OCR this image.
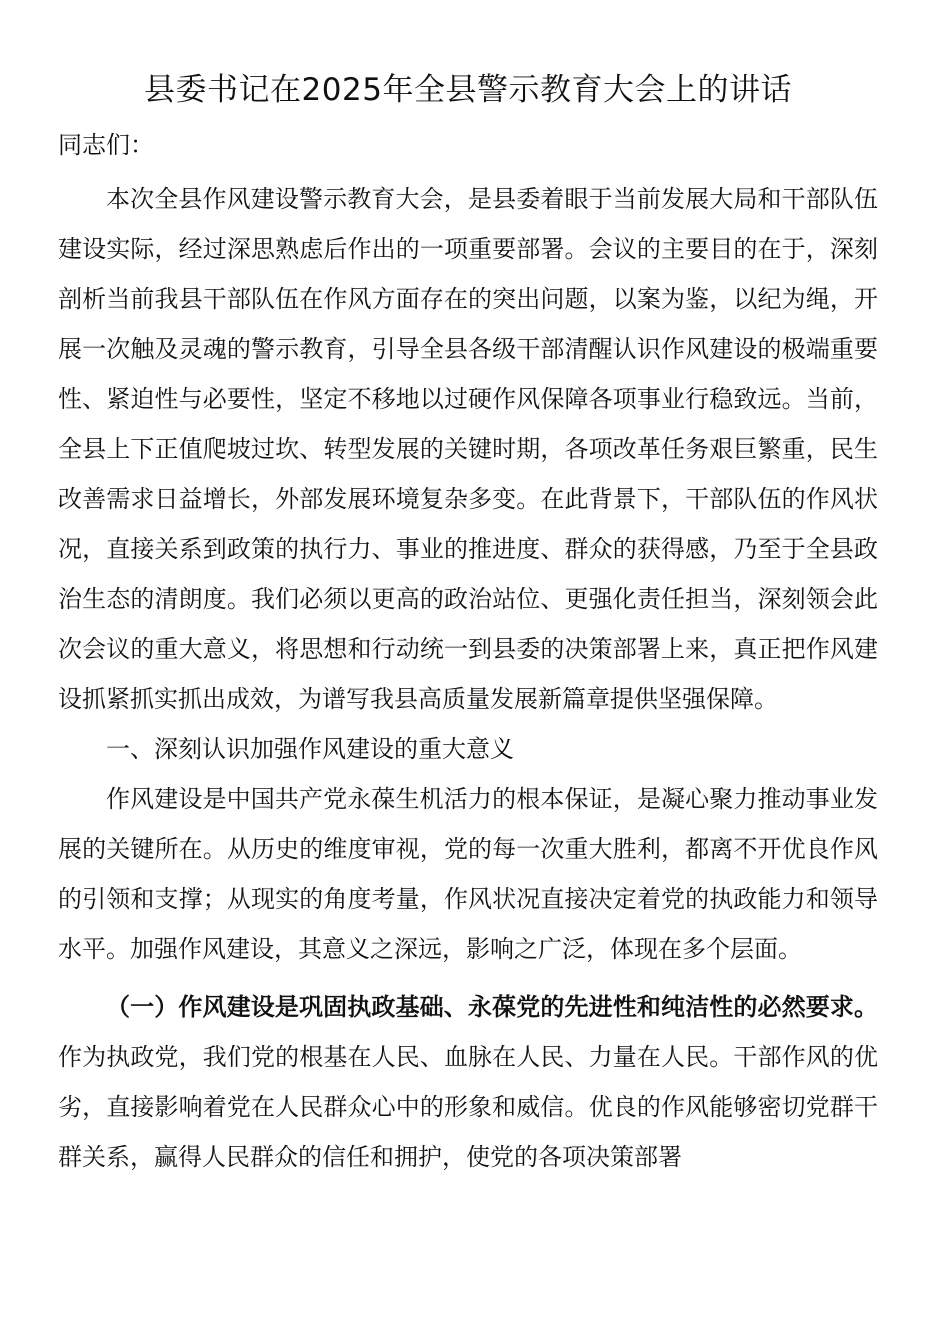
县委书记在2025年全县警示教育大会上的讲话

同志们：

本次全县作风建设警示教育大会，是县委着眼于当前发展大局和干部队伍建设实际，经过深思熟虑后作出的一项重要部署。会议的主要目的在于，深刻剖析当前我县干部队伍在作风方面存在的突出问题，以案为鉴，以纪为绳，开展一次触及灵魂的警示教育，引导全县各级干部清醒认识作风建设的极端重要性、紧迫性与必要性，坚定不移地以过硬作风保障各项事业行稳致远。当前，全县上下正值爬坡过坎、转型发展的关键时期，各项改革任务艰巨繁重，民生改善需求日益增长，外部发展环境复杂多变。在此背景下，干部队伍的作风状况，直接关系到政策的执行力、事业的推进度、群众的获得感，乃至于全县政治生态的清朗度。我们必须以更高的政治站位、更强化责任担当，深刻领会此次会议的重大意义，将思想和行动统一到县委的决策部署上来，真正把作风建设抓紧抓实抓出成效，为谱写我县高质量发展新篇章提供坚强保障。

一、深刻认识加强作风建设的重大意义

作风建设是中国共产党永葆生机活力的根本保证，是凝心聚力推动事业发展的关键所在。从历史的维度审视，党的每一次重大胜利，都离不开优良作风的引领和支撑；从现实的角度考量，作风状况直接决定着党的执政能力和领导水平。加强作风建设，其意义之深远，影响之广泛，体现在多个层面。

（一）作风建设是巩固执政基础、永葆党的先进性和纯洁性的必然要求。作为执政党，我们党的根基在人民、血脉在人民、力量在人民。干部作风的优劣，直接影响着党在人民群众心中的形象和威信。优良的作风能够密切党群干群关系，赢得人民群众的信任和拥护，使党的各项决策部署
